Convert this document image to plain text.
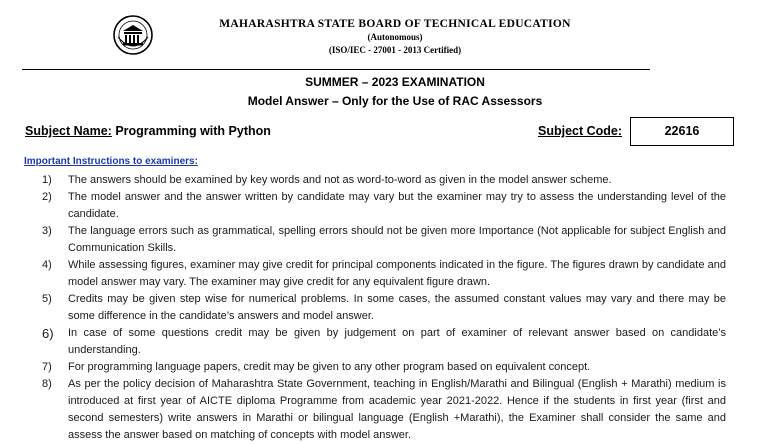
MAHARASHTRA STATE BOARD OF TECHNICAL EDUCATION
(Autonomous)
(ISO/IEC - 27001 - 2013 Certified)
SUMMER – 2023 EXAMINATION
Model Answer – Only for the Use of RAC Assessors
Subject Name: Programming with Python	Subject Code:	22616
Important Instructions to examiners:
1) The answers should be examined by key words and not as word-to-word as given in the model answer scheme.
2) The model answer and the answer written by candidate may vary but the examiner may try to assess the understanding level of the candidate.
3) The language errors such as grammatical, spelling errors should not be given more Importance (Not applicable for subject English and Communication Skills.
4) While assessing figures, examiner may give credit for principal components indicated in the figure. The figures drawn by candidate and model answer may vary. The examiner may give credit for any equivalent figure drawn.
5) Credits may be given step wise for numerical problems. In some cases, the assumed constant values may vary and there may be some difference in the candidate’s answers and model answer.
6) In case of some questions credit may be given by judgement on part of examiner of relevant answer based on candidate’s understanding.
7) For programming language papers, credit may be given to any other program based on equivalent concept.
8) As per the policy decision of Maharashtra State Government, teaching in English/Marathi and Bilingual (English + Marathi) medium is introduced at first year of AICTE diploma Programme from academic year 2021-2022. Hence if the students in first year (first and second semesters) write answers in Marathi or bilingual language (English +Marathi), the Examiner shall consider the same and assess the answer based on matching of concepts with model answer.
